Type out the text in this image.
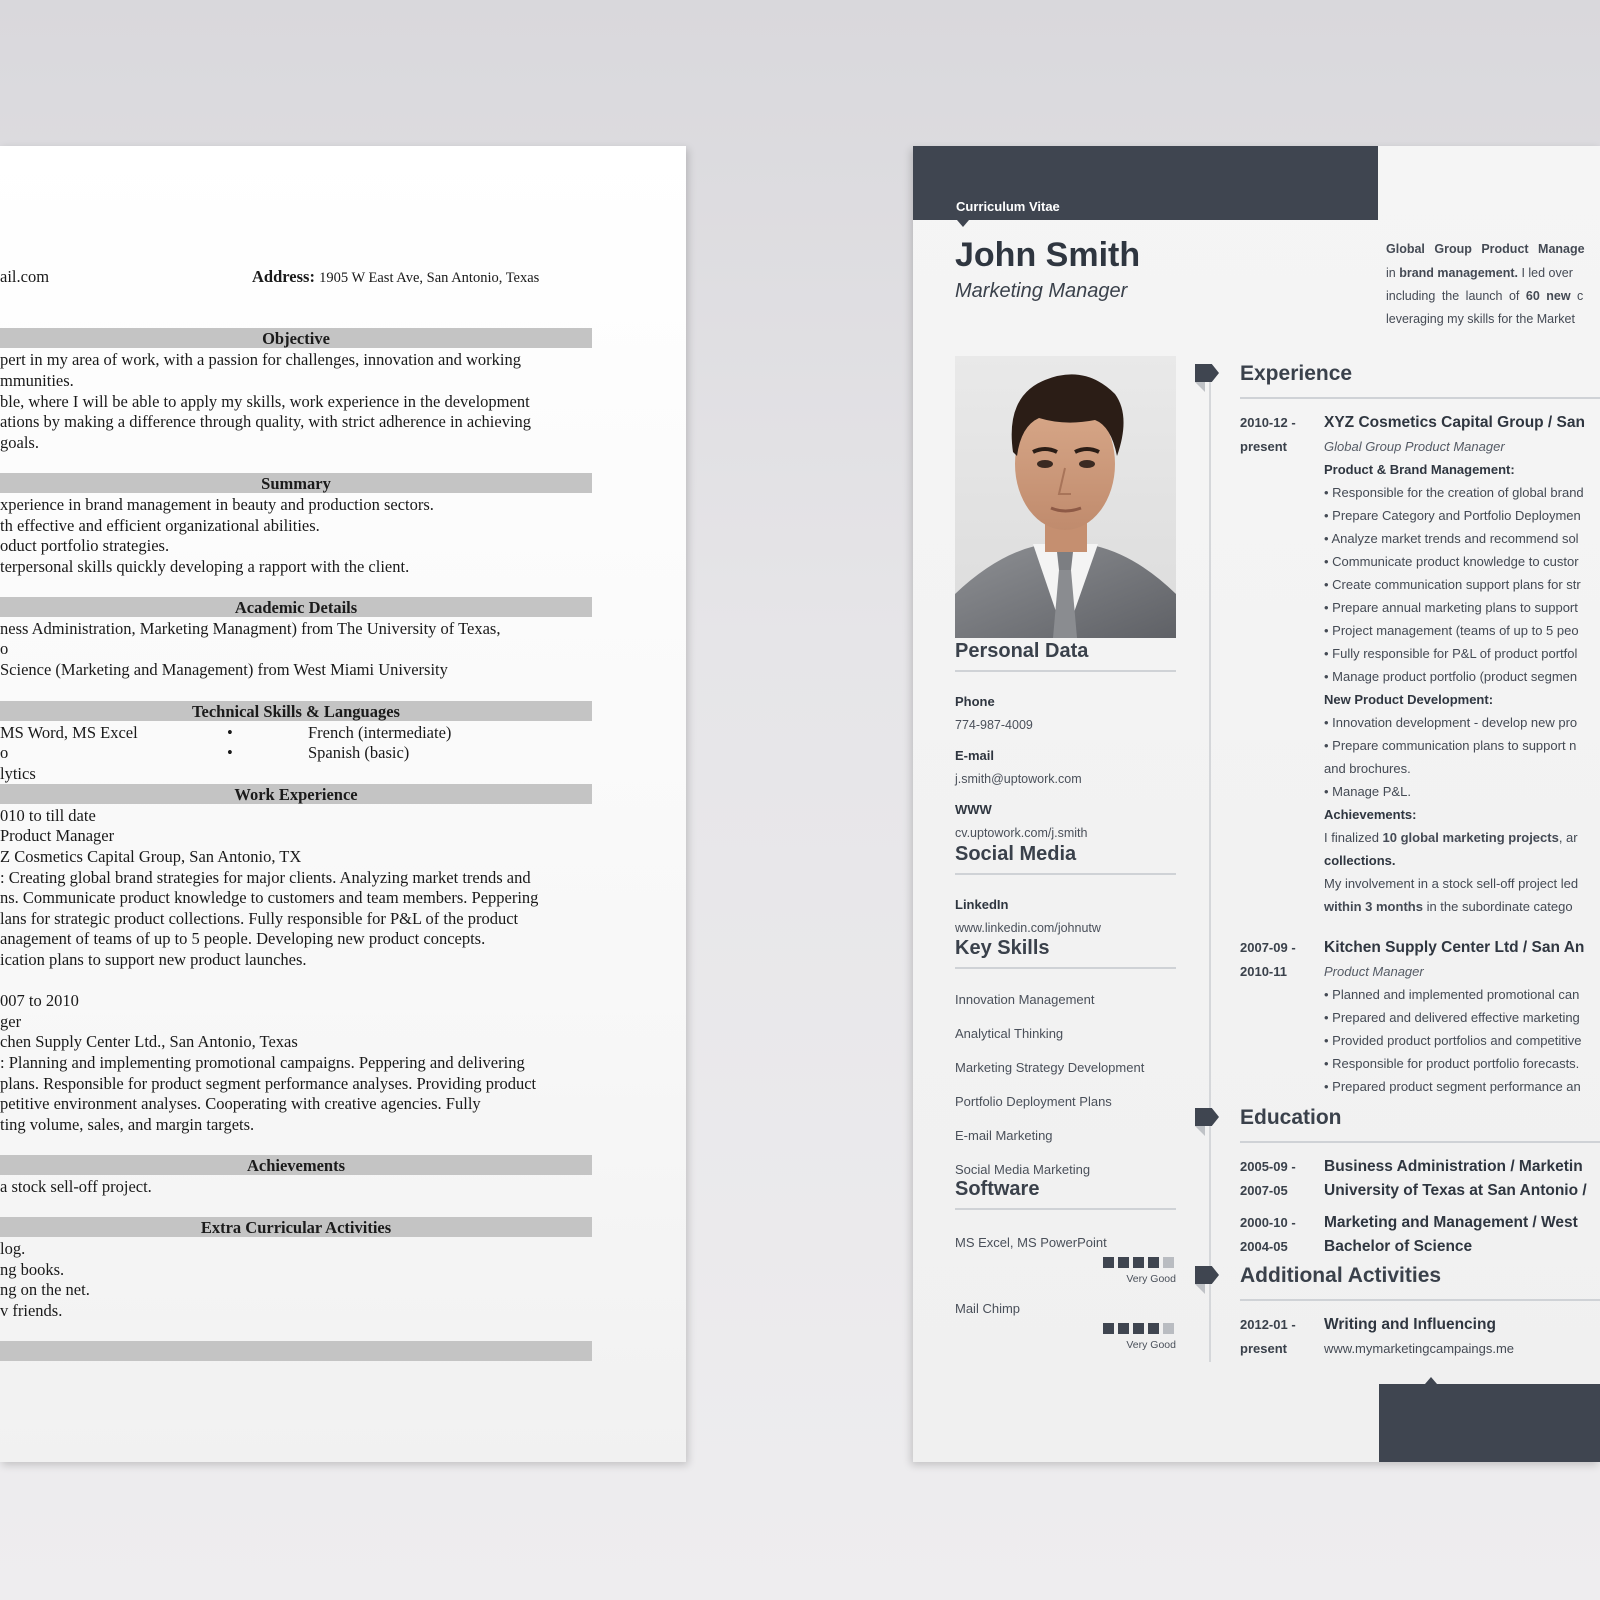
ail.com	Address: 1905 W East Ave, San Antonio, Texas
Objective
pert in my area of work, with a passion for challenges, innovation and working
mmunities.
ble, where I will be able to apply my skills, work experience in the development
ations by making a difference through quality, with strict adherence in achieving
goals.
Summary
xperience in brand management in beauty and production sectors.
th effective and efficient organizational abilities.
oduct portfolio strategies.
terpersonal skills quickly developing a rapport with the client.
Academic Details
ness Administration, Marketing Managment) from The University of Texas,
o
Science (Marketing and Management) from West Miami University
Technical Skills & Languages
MS Word, MS Excel
o
lytics
•
•
French (intermediate)
Spanish (basic)
Work Experience
010 to till date
Product Manager
Z Cosmetics Capital Group, San Antonio, TX
: Creating global brand strategies for major clients. Analyzing market trends and
ns. Communicate product knowledge to customers and team members. Peppering
lans for strategic product collections. Fully responsible for P&L of the product
anagement of teams of up to 5 people. Developing new product concepts.
ication plans to support new product launches.
007 to 2010
ger
chen Supply Center Ltd., San Antonio, Texas
: Planning and implementing promotional campaigns. Peppering and delivering
plans. Responsible for product segment performance analyses. Providing product
petitive environment analyses. Cooperating with creative agencies. Fully
ting volume, sales, and margin targets.
Achievements
a stock sell-off project.
Extra Curricular Activities
log.
ng books.
ng on the net.
v friends.
Curriculum Vitae
John Smith
Marketing Manager
Global Group Product Manage
in brand management. I led over
including the launch of 60 new c
leveraging my skills for the Market
Personal Data
Phone
774-987-4009
E-mail
j.smith@uptowork.com
WWW
cv.uptowork.com/j.smith
Social Media
LinkedIn
www.linkedin.com/johnutw
Key Skills
Innovation Management
Analytical Thinking
Marketing Strategy Development
Portfolio Deployment Plans
E-mail Marketing
Social Media Marketing
Software
MS Excel, MS PowerPoint
Very Good
Mail Chimp
Very Good
Experience
2010-12 -
present
XYZ Cosmetics Capital Group / San
Global Group Product Manager
Product & Brand Management:
• Responsible for the creation of global brand
• Prepare Category and Portfolio Deploymen
• Analyze market trends and recommend sol
• Communicate product knowledge to custor
• Create communication support plans for str
• Prepare annual marketing plans to support
• Project management (teams of up to 5 peo
• Fully responsible for P&L of product portfol
• Manage product portfolio (product segmen
New Product Development:
• Innovation development - develop new pro
• Prepare communication plans to support n
and brochures.
• Manage P&L.
Achievements:
I finalized 10 global marketing projects, ar
collections.
My involvement in a stock sell-off project led
within 3 months in the subordinate catego
2007-09 -
2010-11
Kitchen Supply Center Ltd / San An
Product Manager
• Planned and implemented promotional can
• Prepared and delivered effective marketing
• Provided product portfolios and competitive
• Responsible for product portfolio forecasts.
• Prepared product segment performance an
Education
2005-09 -
2007-05
Business Administration / Marketin
University of Texas at San Antonio /
2000-10 -
2004-05
Marketing and Management / West
Bachelor of Science
Additional Activities
2012-01 -
present
Writing and Influencing
www.mymarketingcampaings.me
